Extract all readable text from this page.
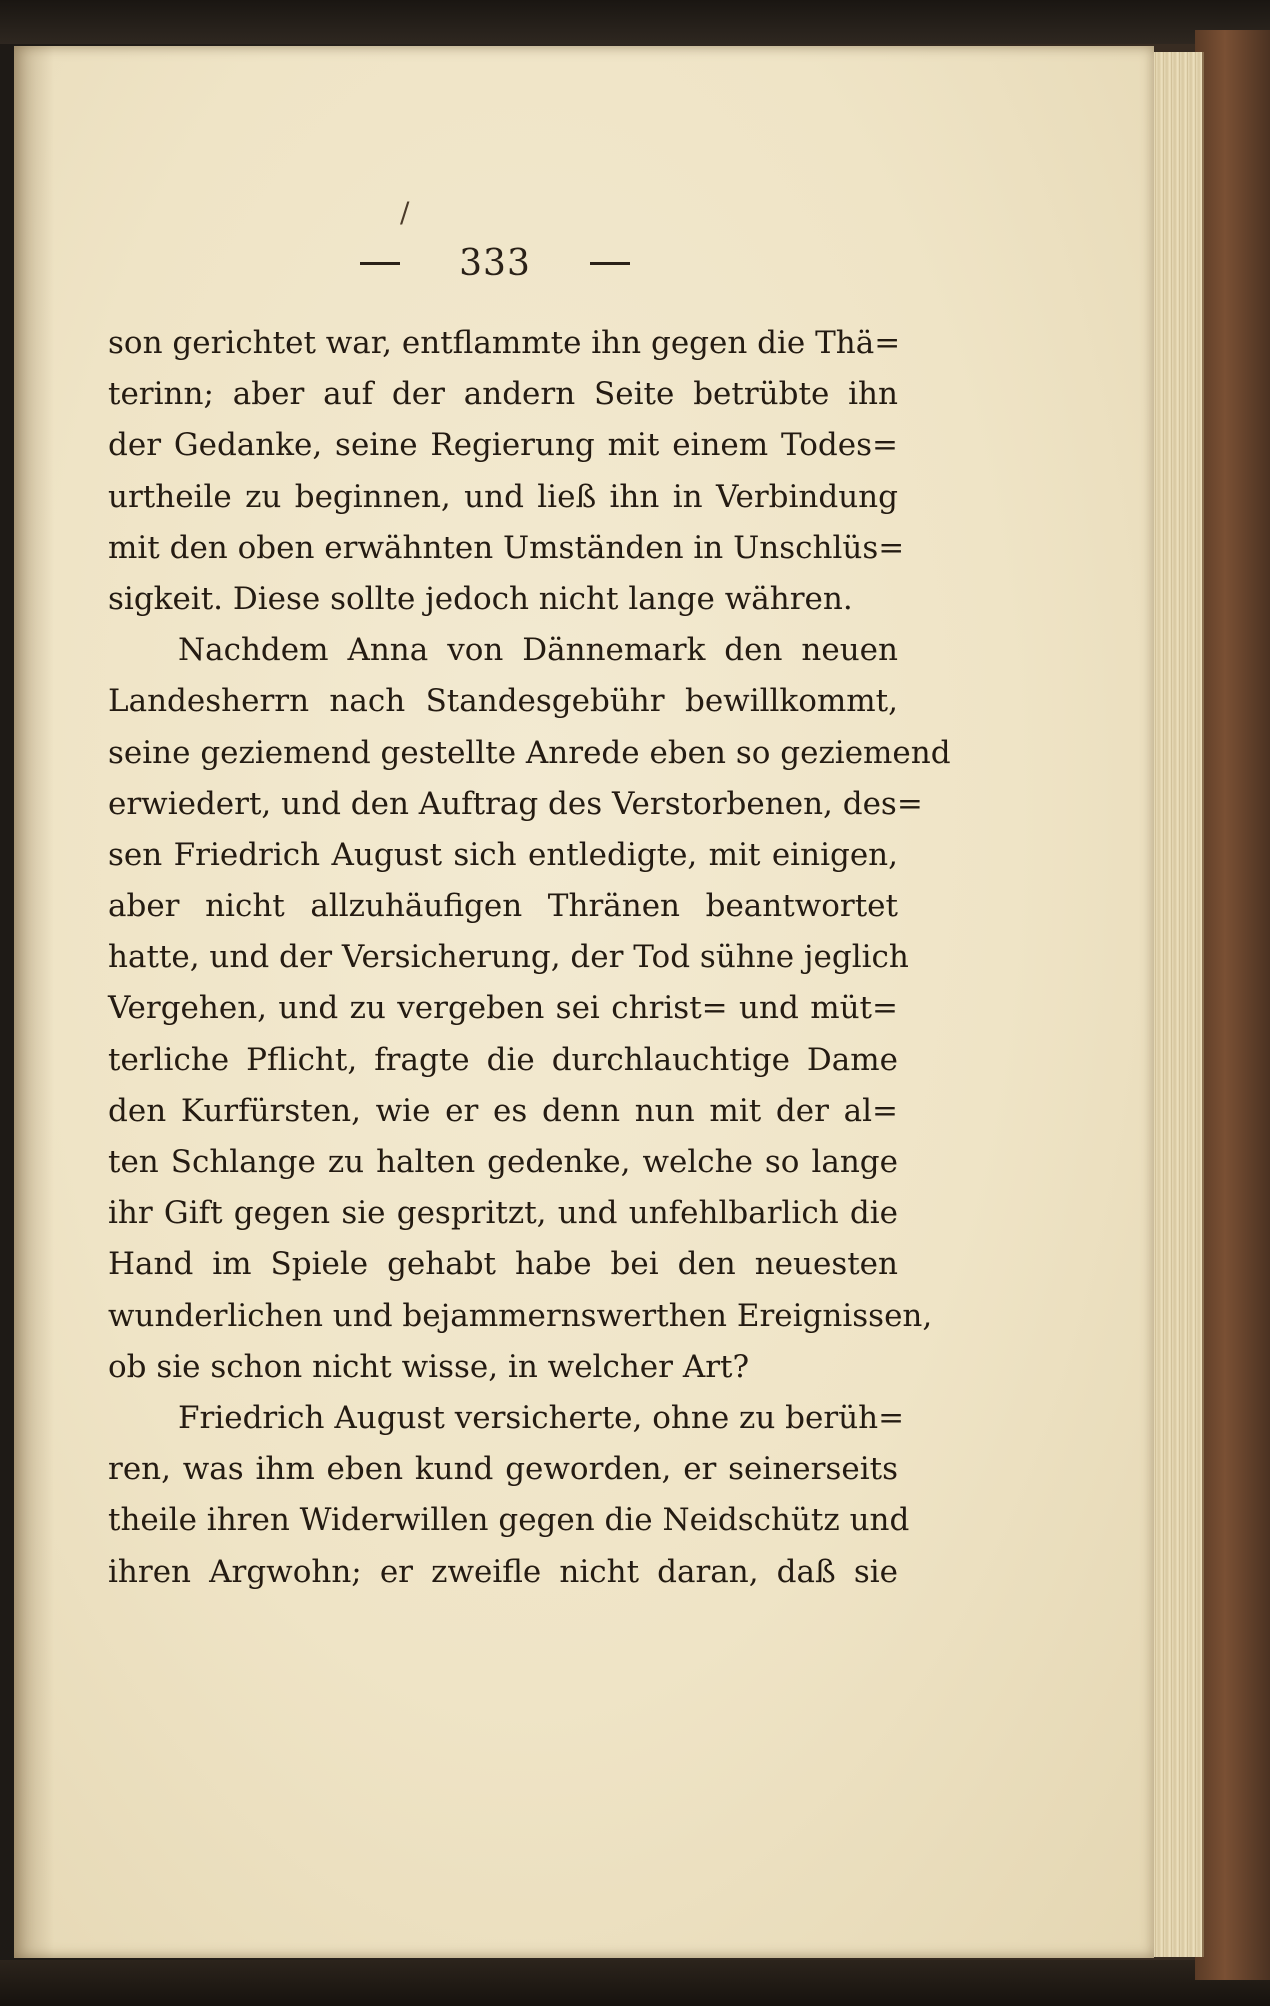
/
333
son gerichtet war, entflammte ihn gegen die Thä=
terinn; aber auf der andern Seite betrübte ihn
der Gedanke, seine Regierung mit einem Todes=
urtheile zu beginnen, und ließ ihn in Verbindung
mit den oben erwähnten Umständen in Unschlüs=
sigkeit. Diese sollte jedoch nicht lange währen.
Nachdem Anna von Dännemark den neuen
Landesherrn nach Standesgebühr bewillkommt,
seine geziemend gestellte Anrede eben so geziemend
erwiedert, und den Auftrag des Verstorbenen, des=
sen Friedrich August sich entledigte, mit einigen,
aber nicht allzuhäufigen Thränen beantwortet
hatte, und der Versicherung, der Tod sühne jeglich
Vergehen, und zu vergeben sei christ= und müt=
terliche Pflicht, fragte die durchlauchtige Dame
den Kurfürsten, wie er es denn nun mit der al=
ten Schlange zu halten gedenke, welche so lange
ihr Gift gegen sie gespritzt, und unfehlbarlich die
Hand im Spiele gehabt habe bei den neuesten
wunderlichen und bejammernswerthen Ereignissen,
ob sie schon nicht wisse, in welcher Art?
Friedrich August versicherte, ohne zu berüh=
ren, was ihm eben kund geworden, er seinerseits
theile ihren Widerwillen gegen die Neidschütz und
ihren Argwohn; er zweifle nicht daran, daß sie
